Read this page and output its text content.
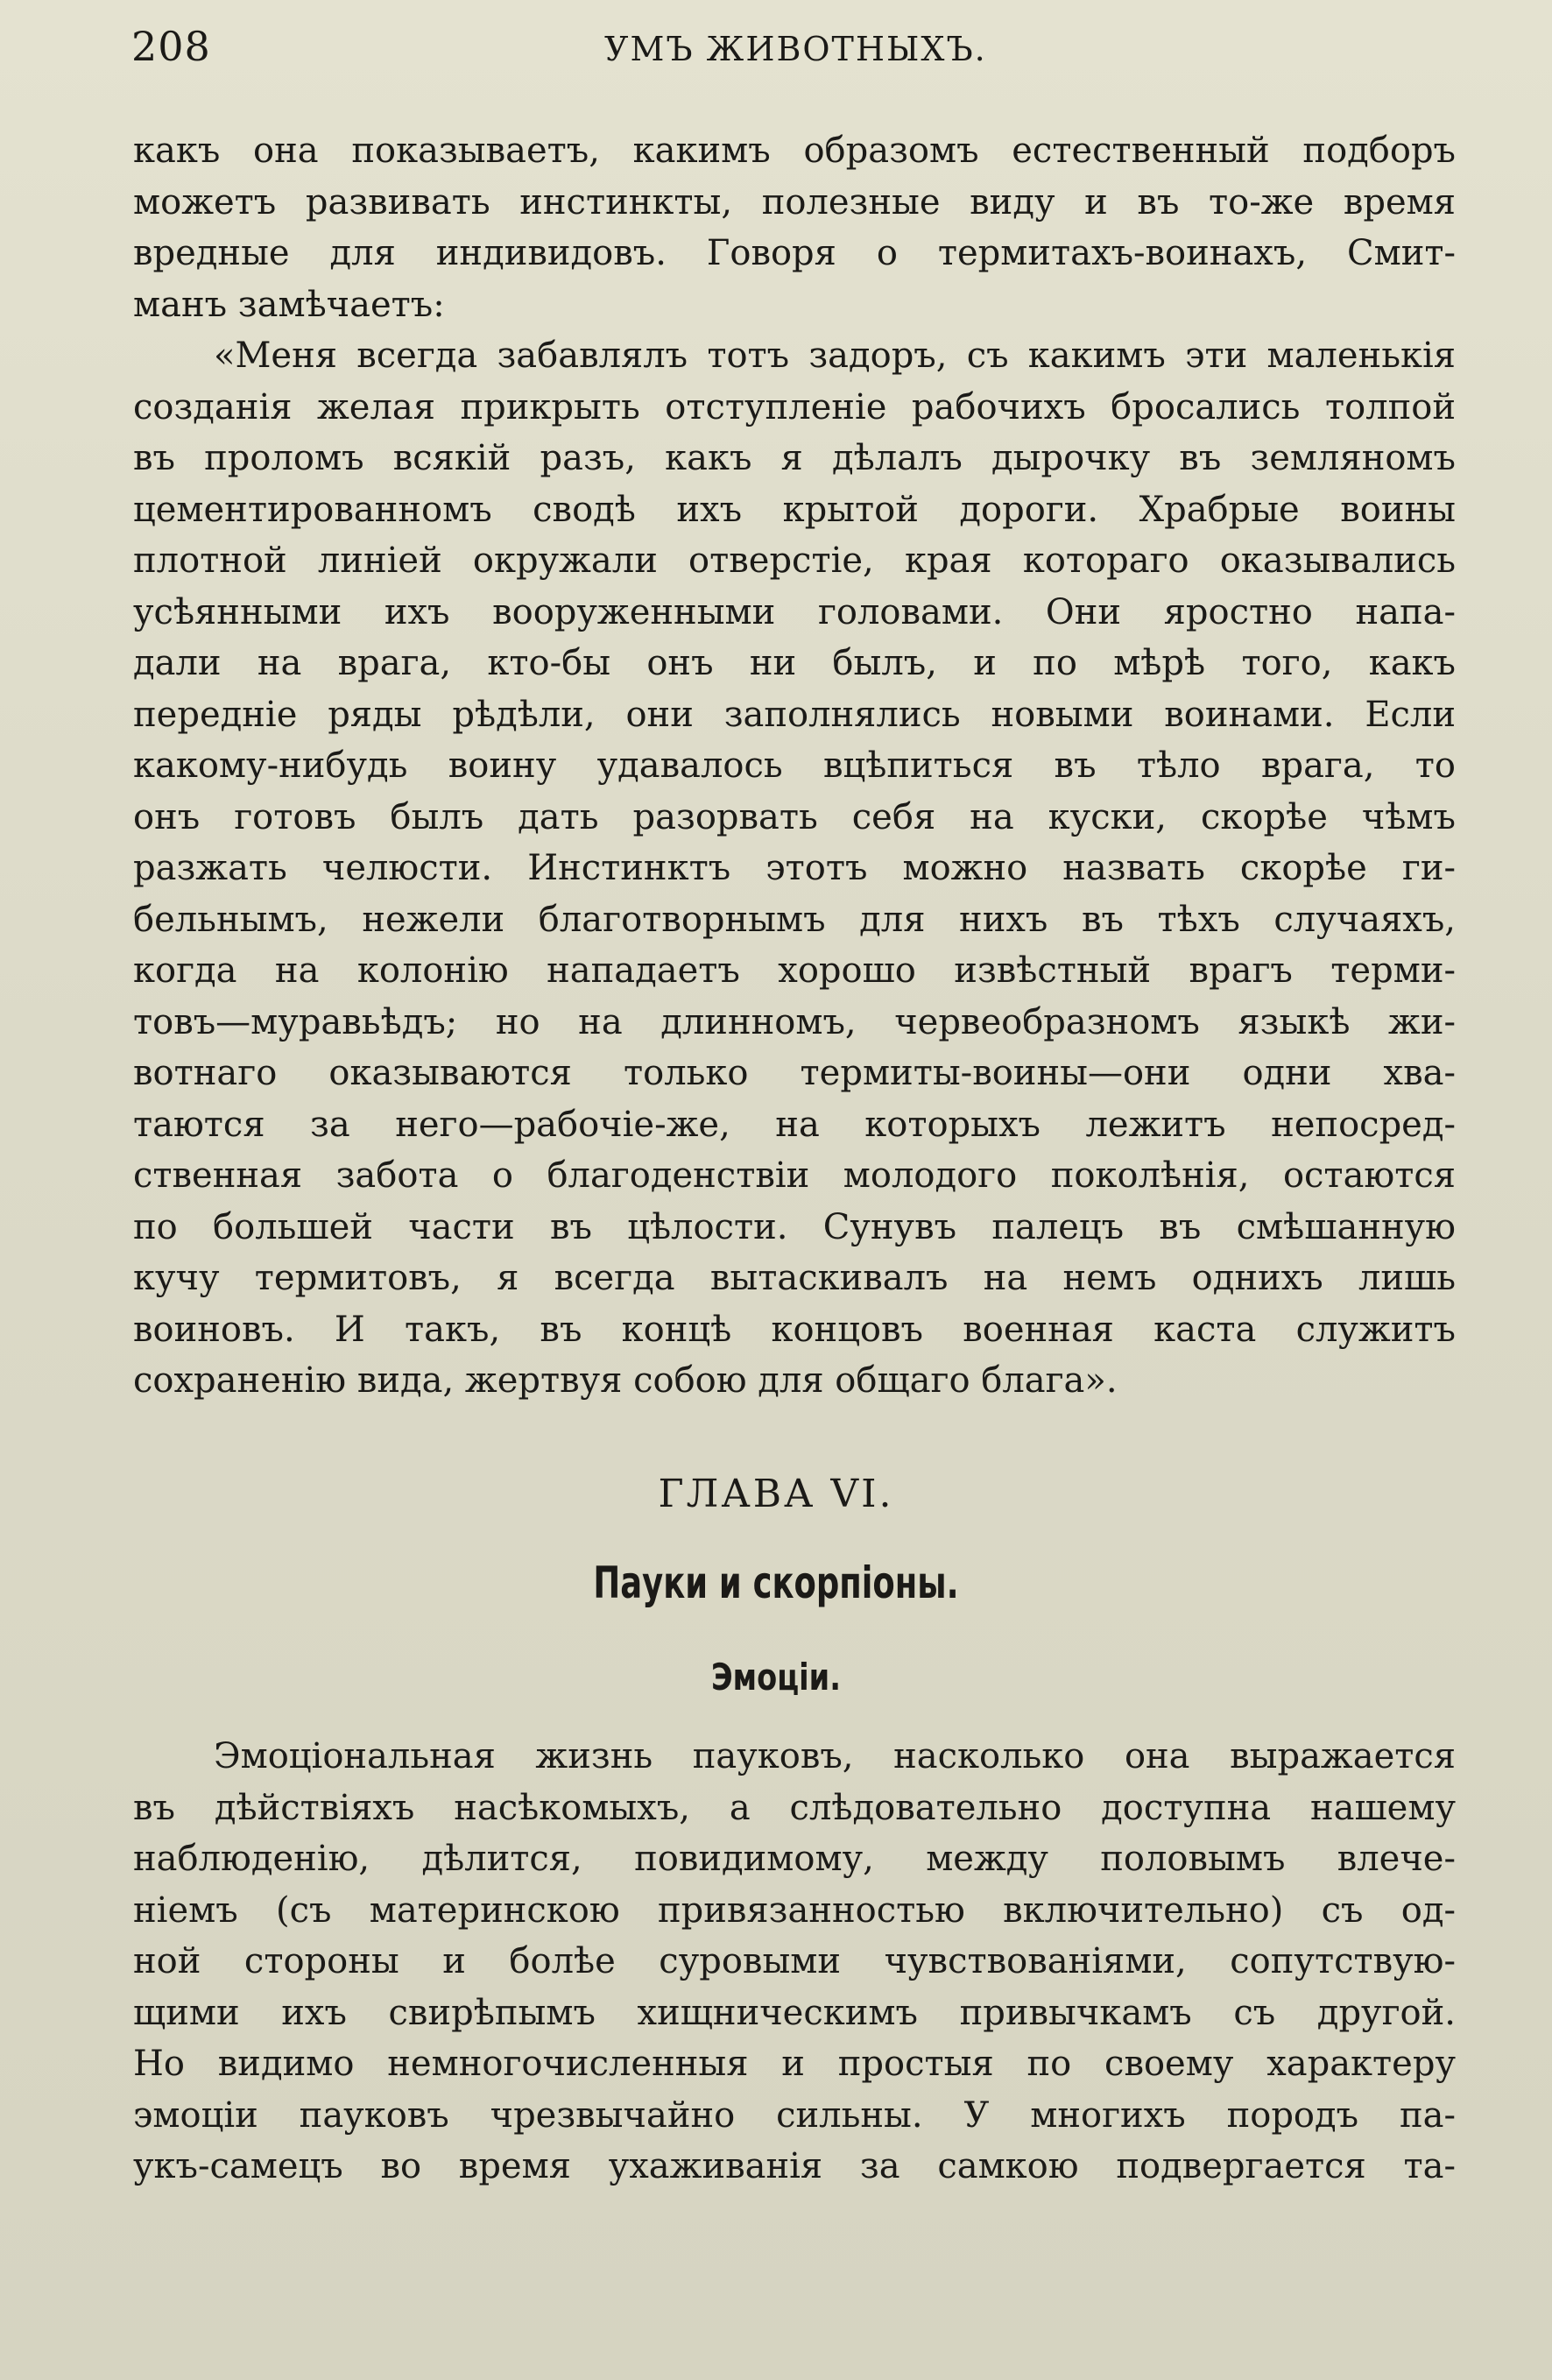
208	УМЪ ЖИВОТНЫХЪ.
какъ она показываетъ, какимъ образомъ естественный подборъ
можетъ развивать инстинкты, полезные виду и въ то-же время
вредные для индивидовъ. Говоря о термитахъ-воинахъ, Смит-
манъ замѣчаетъ:
«Меня всегда забавлялъ тотъ задоръ, съ какимъ эти маленькія
созданія желая прикрыть отступленіе рабочихъ бросались толпой
въ проломъ всякій разъ, какъ я дѣлалъ дырочку въ земляномъ
цементированномъ сводѣ ихъ крытой дороги. Храбрые воины
плотной линіей окружали отверстіе, края котораго оказывались
усѣянными ихъ вооруженными головами. Они яростно напа-
дали на врага, кто-бы онъ ни былъ, и по мѣрѣ того, какъ
передніе ряды рѣдѣли, они заполнялись новыми воинами. Если
какому-нибудь воину удавалось вцѣпиться въ тѣло врага, то
онъ готовъ былъ дать разорвать себя на куски, скорѣе чѣмъ
разжать челюсти. Инстинктъ этотъ можно назвать скорѣе ги-
бельнымъ, нежели благотворнымъ для нихъ въ тѣхъ случаяхъ,
когда на колонію нападаетъ хорошо извѣстный врагъ терми-
товъ—муравьѣдъ; но на длинномъ, червеобразномъ языкѣ жи-
вотнаго оказываются только термиты-воины—они одни хва-
таются за него—рабочіе-же, на которыхъ лежитъ непосред-
ственная забота о благоденствіи молодого поколѣнія, остаются
по большей части въ цѣлости. Сунувъ палецъ въ смѣшанную
кучу термитовъ, я всегда вытаскивалъ на немъ однихъ лишь
воиновъ. И такъ, въ концѣ концовъ военная каста служитъ
сохраненію вида, жертвуя собою для общаго блага».
ГЛАВА VI.
Пауки и скорпіоны.
Эмоціи.
Эмоціональная жизнь пауковъ, насколько она выражается
въ дѣйствіяхъ насѣкомыхъ, а слѣдовательно доступна нашему
наблюденію, дѣлится, повидимому, между половымъ влече-
ніемъ (съ материнскою привязанностью включительно) съ од-
ной стороны и болѣе суровыми чувствованіями, сопутствую-
щими ихъ свирѣпымъ хищническимъ привычкамъ съ другой.
Но видимо немногочисленныя и простыя по своему характеру
эмоціи пауковъ чрезвычайно сильны. У многихъ породъ па-
укъ-самецъ во время ухаживанія за самкою подвергается та-
